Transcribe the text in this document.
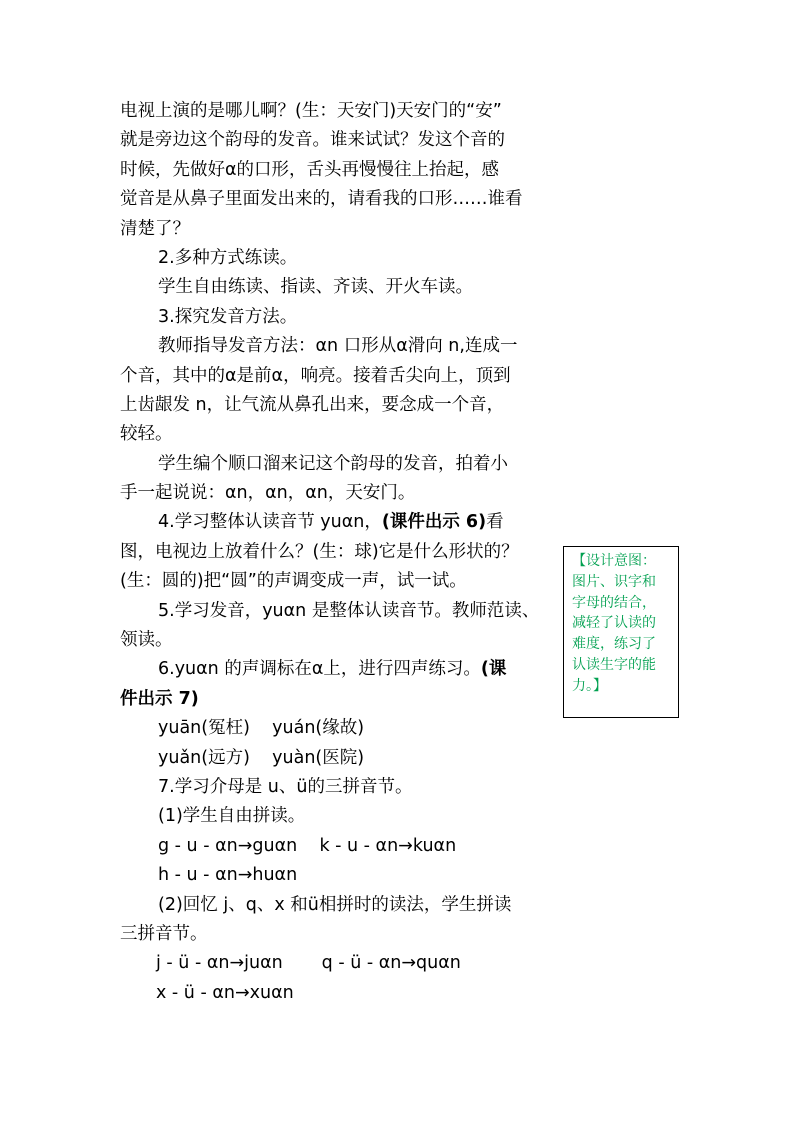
电视上演的是哪儿啊？(生：天安门)天安门的“安”
就是旁边这个韵母的发音。谁来试试？发这个音的
时候，先做好α的口形，舌头再慢慢往上抬起，感
觉音是从鼻子里面发出来的，请看我的口形……谁看
清楚了？
2.多种方式练读。
学生自由练读、指读、齐读、开火车读。
3.探究发音方法。
教师指导发音方法：αn 口形从α滑向 n,连成一
个音，其中的α是前α，响亮。接着舌尖向上，顶到
上齿龈发 n，让气流从鼻孔出来，要念成一个音，
较轻。
学生编个顺口溜来记这个韵母的发音，拍着小
手一起说说：αn，αn，αn，天安门。
4.学习整体认读音节 yuαn，(课件出示 6)看
图，电视边上放着什么？(生：球)它是什么形状的？
(生：圆的)把“圆”的声调变成一声，试一试。
5.学习发音，yuαn 是整体认读音节。教师范读、
领读。
6.yuαn 的声调标在α上，进行四声练习。(课
件出示 7)
yuān(冤枉)    yuán(缘故)
yuǎn(远方)    yuàn(医院)
7.学习介母是 u、ü的三拼音节。
(1)学生自由拼读。
g - u - αn→guαn    k - u - αn→kuαn
h - u - αn→huαn
(2)回忆 j、q、x 和ü相拼时的读法，学生拼读
三拼音节。
j - ü - αn→juαn       q - ü - αn→quαn
x - ü - αn→xuαn
【设计意图：
图片、识字和
字母的结合，
减轻了认读的
难度，练习了
认读生字的能
力。】
